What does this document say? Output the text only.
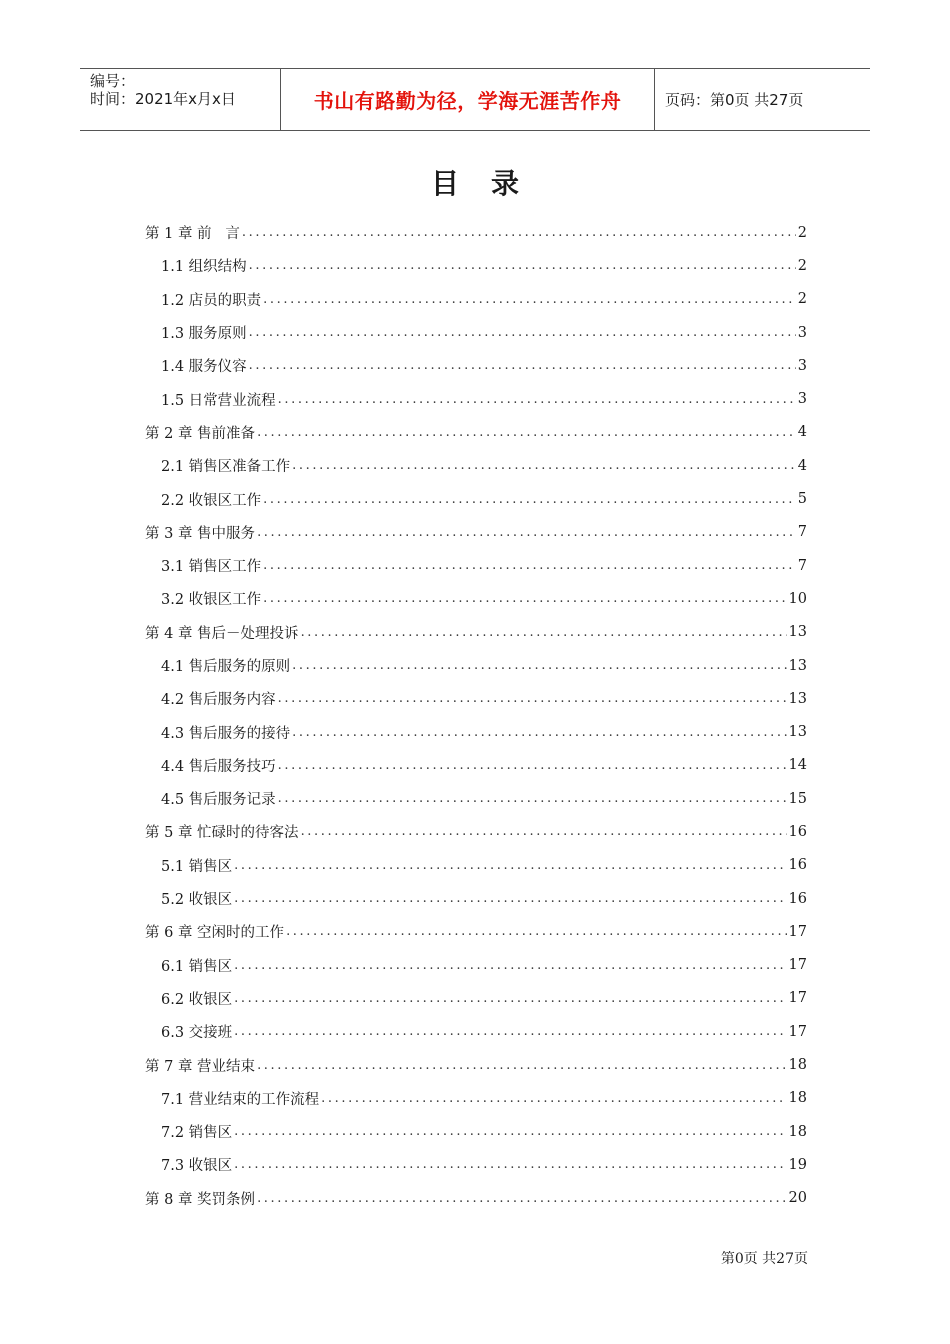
编号：
时间：2021年x月x日	书山有路勤为径，学海无涯苦作舟	页码：第0页 共27页
目录
第 1 章 前   言 .....	2
1.1 组织结构 .....	2
1.2 店员的职责 .....	2
1.3 服务原则 .....	3
1.4 服务仪容 .....	3
1.5 日常营业流程 .....	3
第 2 章 售前准备 .....	4
2.1 销售区准备工作 .....	4
2.2 收银区工作 .....	5
第 3 章 售中服务 .....	7
3.1 销售区工作 .....	7
3.2 收银区工作 .....	10
第 4 章 售后－处理投诉 .....	13
4.1 售后服务的原则 .....	13
4.2 售后服务内容 .....	13
4.3 售后服务的接待 .....	13
4.4 售后服务技巧 .....	14
4.5 售后服务记录 .....	15
第 5 章 忙碌时的待客法 .....	16
5.1 销售区 .....	16
5.2 收银区 .....	16
第 6 章 空闲时的工作 .....	17
6.1 销售区 .....	17
6.2 收银区 .....	17
6.3 交接班 .....	17
第 7 章 营业结束 .....	18
7.1 营业结束的工作流程 .....	18
7.2 销售区 .....	18
7.3 收银区 .....	19
第 8 章 奖罚条例 .....	20
第0页 共27页
